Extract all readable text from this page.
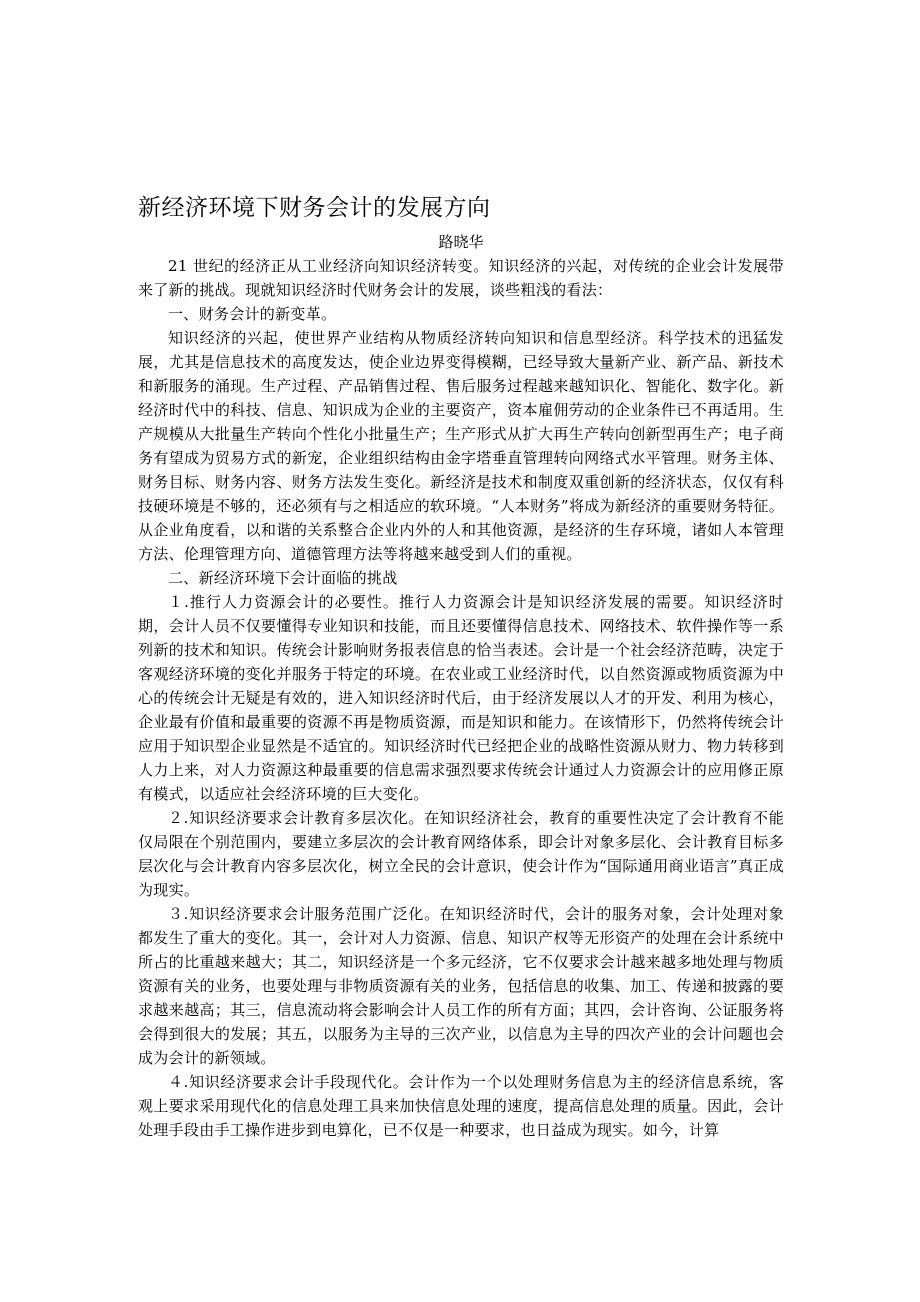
新经济环境下财务会计的发展方向

路晓华

21 世纪的经济正从工业经济向知识经济转变。知识经济的兴起，对传统的企业会计发展带来了新的挑战。现就知识经济时代财务会计的发展，谈些粗浅的看法：

一、财务会计的新变革。

知识经济的兴起，使世界产业结构从物质经济转向知识和信息型经济。科学技术的迅猛发展，尤其是信息技术的高度发达，使企业边界变得模糊，已经导致大量新产业、新产品、新技术和新服务的涌现。生产过程、产品销售过程、售后服务过程越来越知识化、智能化、数字化。新经济时代中的科技、信息、知识成为企业的主要资产，资本雇佣劳动的企业条件已不再适用。生产规模从大批量生产转向个性化小批量生产；生产形式从扩大再生产转向创新型再生产；电子商务有望成为贸易方式的新宠，企业组织结构由金字塔垂直管理转向网络式水平管理。财务主体、财务目标、财务内容、财务方法发生变化。新经济是技术和制度双重创新的经济状态，仅仅有科技硬环境是不够的，还必须有与之相适应的软环境。“人本财务”将成为新经济的重要财务特征。从企业角度看，以和谐的关系整合企业内外的人和其他资源，是经济的生存环境，诸如人本管理方法、伦理管理方向、道德管理方法等将越来越受到人们的重视。

二、新经济环境下会计面临的挑战

１.推行人力资源会计的必要性。推行人力资源会计是知识经济发展的需要。知识经济时期，会计人员不仅要懂得专业知识和技能，而且还要懂得信息技术、网络技术、软件操作等一系列新的技术和知识。传统会计影响财务报表信息的恰当表述。会计是一个社会经济范畴，决定于客观经济环境的变化并服务于特定的环境。在农业或工业经济时代，以自然资源或物质资源为中心的传统会计无疑是有效的，进入知识经济时代后，由于经济发展以人才的开发、利用为核心，企业最有价值和最重要的资源不再是物质资源，而是知识和能力。在该情形下，仍然将传统会计应用于知识型企业显然是不适宜的。知识经济时代已经把企业的战略性资源从财力、物力转移到人力上来，对人力资源这种最重要的信息需求强烈要求传统会计通过人力资源会计的应用修正原有模式，以适应社会经济环境的巨大变化。

２.知识经济要求会计教育多层次化。在知识经济社会，教育的重要性决定了会计教育不能仅局限在个别范围内，要建立多层次的会计教育网络体系，即会计对象多层化、会计教育目标多层次化与会计教育内容多层次化，树立全民的会计意识，使会计作为“国际通用商业语言”真正成为现实。

３.知识经济要求会计服务范围广泛化。在知识经济时代，会计的服务对象，会计处理对象都发生了重大的变化。其一，会计对人力资源、信息、知识产权等无形资产的处理在会计系统中所占的比重越来越大；其二，知识经济是一个多元经济，它不仅要求会计越来越多地处理与物质资源有关的业务，也要处理与非物质资源有关的业务，包括信息的收集、加工、传递和披露的要求越来越高；其三，信息流动将会影响会计人员工作的所有方面；其四，会计咨询、公证服务将会得到很大的发展；其五，以服务为主导的三次产业，以信息为主导的四次产业的会计问题也会成为会计的新领域。

４.知识经济要求会计手段现代化。会计作为一个以处理财务信息为主的经济信息系统，客观上要求采用现代化的信息处理工具来加快信息处理的速度，提高信息处理的质量。因此，会计处理手段由手工操作进步到电算化，已不仅是一种要求，也日益成为现实。如今，计算
